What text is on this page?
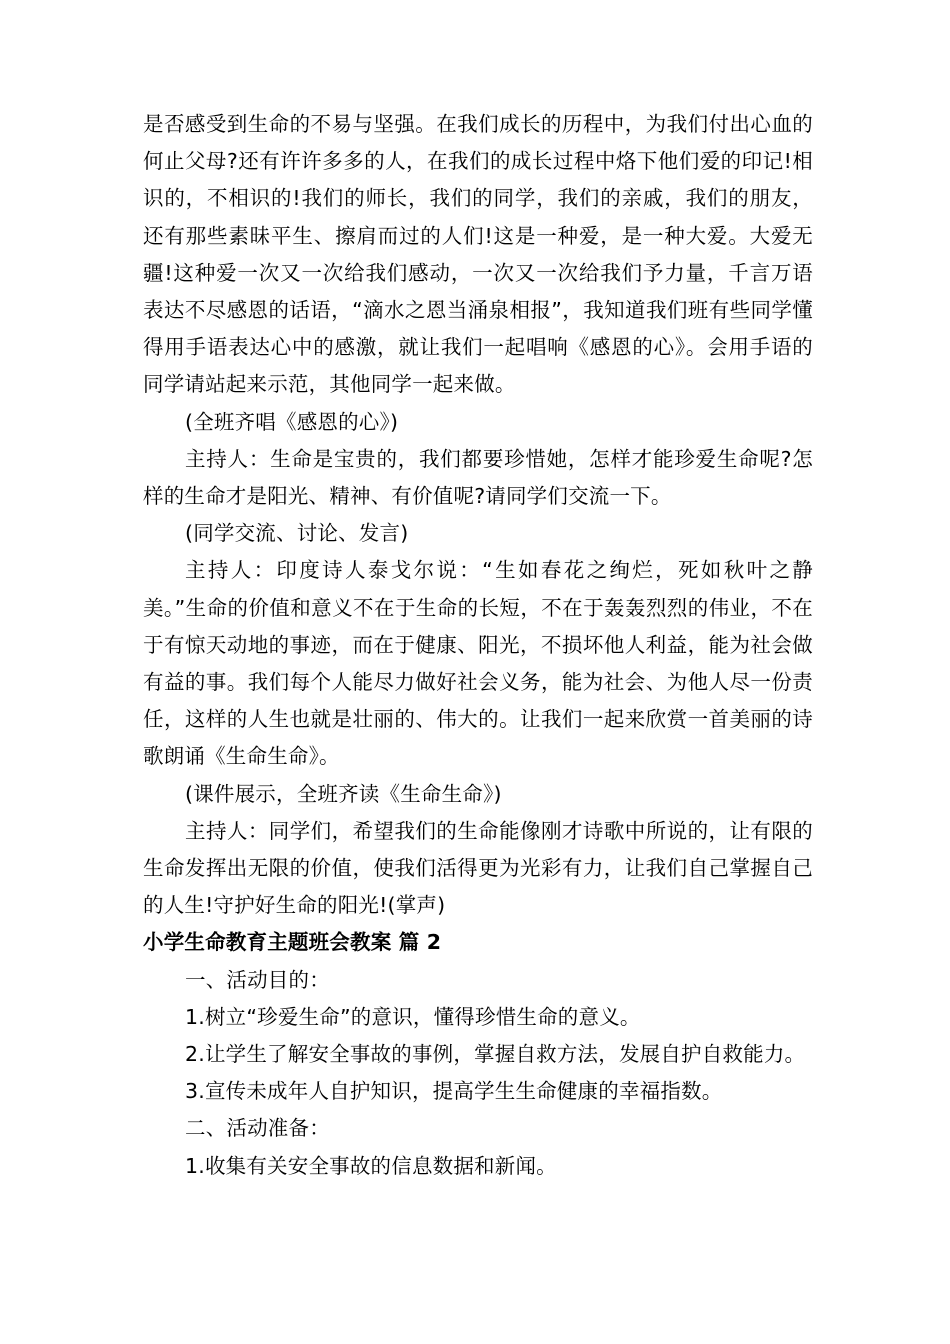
是否感受到生命的不易与坚强。在我们成长的历程中，为我们付出心血的何止父母?还有许许多多的人，在我们的成长过程中烙下他们爱的印记!相识的，不相识的!我们的师长，我们的同学，我们的亲戚，我们的朋友，还有那些素昧平生、擦肩而过的人们!这是一种爱，是一种大爱。大爱无疆!这种爱一次又一次给我们感动，一次又一次给我们予力量，千言万语表达不尽感恩的话语，“滴水之恩当涌泉相报”，我知道我们班有些同学懂得用手语表达心中的感激，就让我们一起唱响《感恩的心》。会用手语的同学请站起来示范，其他同学一起来做。

(全班齐唱《感恩的心》)

主持人：生命是宝贵的，我们都要珍惜她，怎样才能珍爱生命呢?怎样的生命才是阳光、精神、有价值呢?请同学们交流一下。

(同学交流、讨论、发言)

主持人：印度诗人泰戈尔说：“生如春花之绚烂，死如秋叶之静美。”生命的价值和意义不在于生命的长短，不在于轰轰烈烈的伟业，不在于有惊天动地的事迹，而在于健康、阳光，不损坏他人利益，能为社会做有益的事。我们每个人能尽力做好社会义务，能为社会、为他人尽一份责任，这样的人生也就是壮丽的、伟大的。让我们一起来欣赏一首美丽的诗歌朗诵《生命生命》。

(课件展示，全班齐读《生命生命》)

主持人：同学们，希望我们的生命能像刚才诗歌中所说的，让有限的生命发挥出无限的价值，使我们活得更为光彩有力，让我们自己掌握自己的人生!守护好生命的阳光!(掌声)

小学生命教育主题班会教案 篇 2

一、活动目的：

1.树立“珍爱生命”的意识，懂得珍惜生命的意义。

2.让学生了解安全事故的事例，掌握自救方法，发展自护自救能力。

3.宣传未成年人自护知识，提高学生生命健康的幸福指数。

二、活动准备：

1.收集有关安全事故的信息数据和新闻。
